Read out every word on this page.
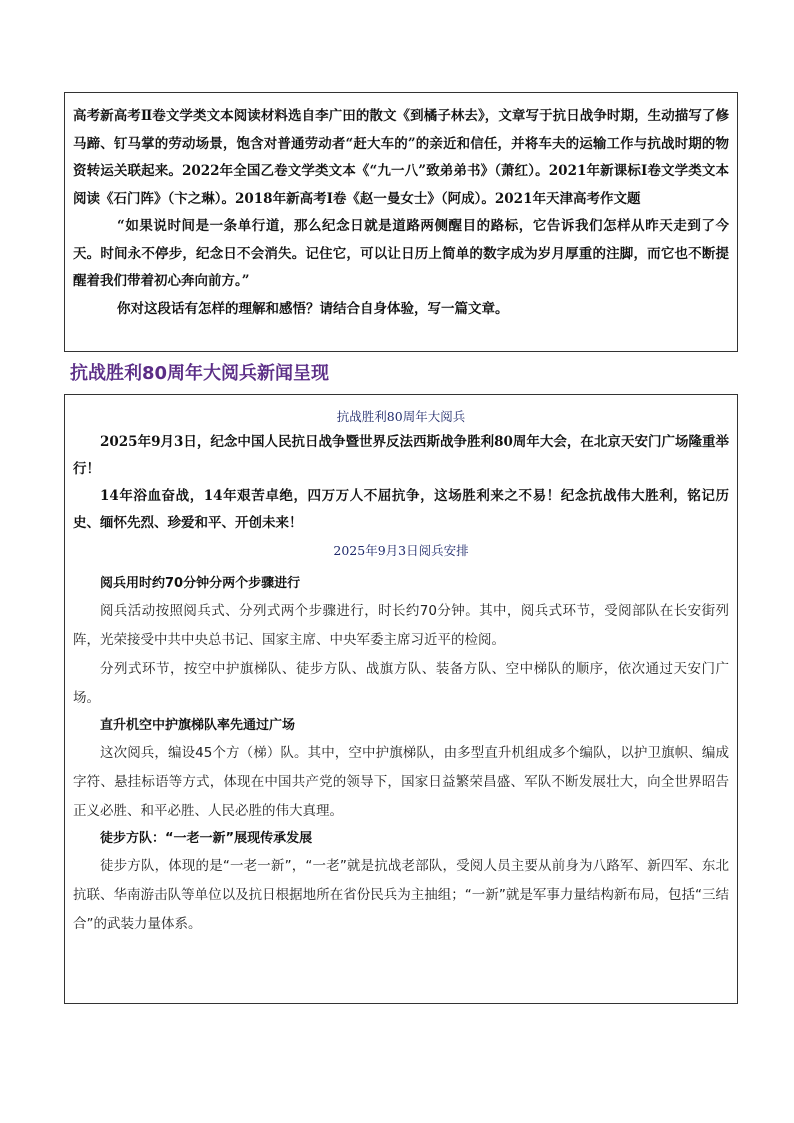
高考新高考Ⅱ卷文学类文本阅读材料选自李广田的散文《到橘子林去》，文章写于抗日战争时期，生动描写了修马蹄、钉马掌的劳动场景，饱含对普通劳动者“赶大车的”的亲近和信任，并将车夫的运输工作与抗战时期的物资转运关联起来。2022年全国乙卷文学类文本《“九一八”致弟弟书》（萧红）。2021年新课标Ⅰ卷文学类文本阅读《石门阵》（卞之琳）。2018年新高考Ⅰ卷《赵一曼女士》（阿成）。2021年天津高考作文题

“如果说时间是一条单行道，那么纪念日就是道路两侧醒目的路标，它告诉我们怎样从昨天走到了今天。时间永不停步，纪念日不会消失。记住它，可以让日历上简单的数字成为岁月厚重的注脚，而它也不断提醒着我们带着初心奔向前方。”

你对这段话有怎样的理解和感悟？请结合自身体验，写一篇文章。

抗战胜利80周年大阅兵新闻呈现

抗战胜利80周年大阅兵

2025年9月3日，纪念中国人民抗日战争暨世界反法西斯战争胜利80周年大会，在北京天安门广场隆重举行！

14年浴血奋战，14年艰苦卓绝，四万万人不屈抗争，这场胜利来之不易！纪念抗战伟大胜利，铭记历史、缅怀先烈、珍爱和平、开创未来！

2025年9月3日阅兵安排

阅兵用时约70分钟分两个步骤进行

阅兵活动按照阅兵式、分列式两个步骤进行，时长约70分钟。其中，阅兵式环节，受阅部队在长安街列阵，光荣接受中共中央总书记、国家主席、中央军委主席习近平的检阅。

分列式环节，按空中护旗梯队、徒步方队、战旗方队、装备方队、空中梯队的顺序，依次通过天安门广场。

直升机空中护旗梯队率先通过广场

这次阅兵，编设45个方（梯）队。其中，空中护旗梯队，由多型直升机组成多个编队，以护卫旗帜、编成字符、悬挂标语等方式，体现在中国共产党的领导下，国家日益繁荣昌盛、军队不断发展壮大，向全世界昭告正义必胜、和平必胜、人民必胜的伟大真理。

徒步方队：“一老一新”展现传承发展

徒步方队，体现的是“一老一新”，“一老”就是抗战老部队，受阅人员主要从前身为八路军、新四军、东北抗联、华南游击队等单位以及抗日根据地所在省份民兵为主抽组；“一新”就是军事力量结构新布局，包括“三结合”的武装力量体系。
